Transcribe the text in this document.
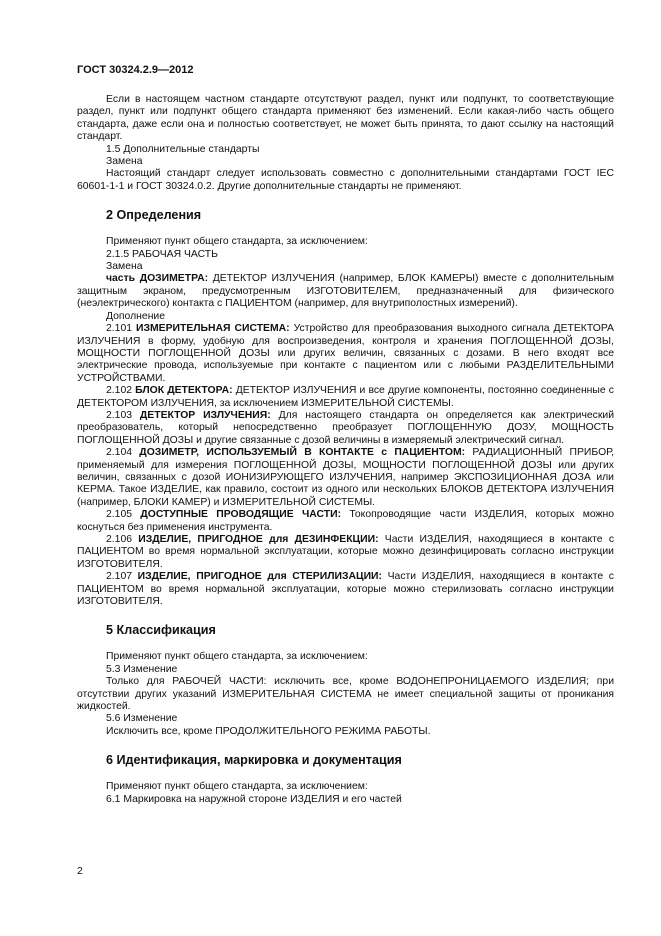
ГОСТ 30324.2.9—2012

Если в настоящем частном стандарте отсутствуют раздел, пункт или подпункт, то соответствующие раздел, пункт или подпункт общего стандарта применяют без изменений. Если какая-либо часть общего стандарта, даже если она и полностью соответствует, не может быть принята, то дают ссылку на настоящий стандарт.

1.5 Дополнительные стандарты

Замена

Настоящий стандарт следует использовать совместно с дополнительными стандартами ГОСТ IEC 60601-1-1 и ГОСТ 30324.0.2. Другие дополнительные стандарты не применяют.

2 Определения

Применяют пункт общего стандарта, за исключением:

2.1.5 РАБОЧАЯ ЧАСТЬ

Замена

часть ДОЗИМЕТРА: ДЕТЕКТОР ИЗЛУЧЕНИЯ (например, БЛОК КАМЕРЫ) вместе с дополнительным защитным экраном, предусмотренным ИЗГОТОВИТЕЛЕМ, предназначенный для физического (неэлектрического) контакта с ПАЦИЕНТОМ (например, для внутриполостных измерений).

Дополнение

2.101 ИЗМЕРИТЕЛЬНАЯ СИСТЕМА: Устройство для преобразования выходного сигнала ДЕТЕКТОРА ИЗЛУЧЕНИЯ в форму, удобную для воспроизведения, контроля и хранения ПОГЛОЩЕННОЙ ДОЗЫ, МОЩНОСТИ ПОГЛОЩЕННОЙ ДОЗЫ или других величин, связанных с дозами. В него входят все электрические провода, используемые при контакте с пациентом или с любыми РАЗДЕЛИТЕЛЬНЫМИ УСТРОЙСТВАМИ.

2.102 БЛОК ДЕТЕКТОРА: ДЕТЕКТОР ИЗЛУЧЕНИЯ и все другие компоненты, постоянно соединенные с ДЕТЕКТОРОМ ИЗЛУЧЕНИЯ, за исключением ИЗМЕРИТЕЛЬНОЙ СИСТЕМЫ.

2.103 ДЕТЕКТОР ИЗЛУЧЕНИЯ: Для настоящего стандарта он определяется как электрический преобразователь, который непосредственно преобразует ПОГЛОЩЕННУЮ ДОЗУ, МОЩНОСТЬ ПОГЛОЩЕННОЙ ДОЗЫ и другие связанные с дозой величины в измеряемый электрический сигнал.

2.104 ДОЗИМЕТР, ИСПОЛЬЗУЕМЫЙ В КОНТАКТЕ с ПАЦИЕНТОМ: РАДИАЦИОННЫЙ ПРИБОР, применяемый для измерения ПОГЛОЩЕННОЙ ДОЗЫ, МОЩНОСТИ ПОГЛОЩЕННОЙ ДОЗЫ или других величин, связанных с дозой ИОНИЗИРУЮЩЕГО ИЗЛУЧЕНИЯ, например ЭКСПОЗИЦИОННАЯ ДОЗА или КЕРМА. Такое ИЗДЕЛИЕ, как правило, состоит из одного или нескольких БЛОКОВ ДЕТЕКТОРА ИЗЛУЧЕНИЯ (например, БЛОКИ КАМЕР) и ИЗМЕРИТЕЛЬНОЙ СИСТЕМЫ.

2.105 ДОСТУПНЫЕ ПРОВОДЯЩИЕ ЧАСТИ: Токопроводящие части ИЗДЕЛИЯ, которых можно коснуться без применения инструмента.

2.106 ИЗДЕЛИЕ, ПРИГОДНОЕ для ДЕЗИНФЕКЦИИ: Части ИЗДЕЛИЯ, находящиеся в контакте с ПАЦИЕНТОМ во время нормальной эксплуатации, которые можно дезинфицировать согласно инструкции ИЗГОТОВИТЕЛЯ.

2.107 ИЗДЕЛИЕ, ПРИГОДНОЕ для СТЕРИЛИЗАЦИИ: Части ИЗДЕЛИЯ, находящиеся в контакте с ПАЦИЕНТОМ во время нормальной эксплуатации, которые можно стерилизовать согласно инструкции ИЗГОТОВИТЕЛЯ.

5 Классификация

Применяют пункт общего стандарта, за исключением:

5.3 Изменение

Только для РАБОЧЕЙ ЧАСТИ: исключить все, кроме ВОДОНЕПРОНИЦАЕМОГО ИЗДЕЛИЯ; при отсутствии других указаний ИЗМЕРИТЕЛЬНАЯ СИСТЕМА не имеет специальной защиты от проникания жидкостей.

5.6 Изменение

Исключить все, кроме ПРОДОЛЖИТЕЛЬНОГО РЕЖИМА РАБОТЫ.

6 Идентификация, маркировка и документация

Применяют пункт общего стандарта, за исключением:

6.1 Маркировка на наружной стороне ИЗДЕЛИЯ и его частей

2
